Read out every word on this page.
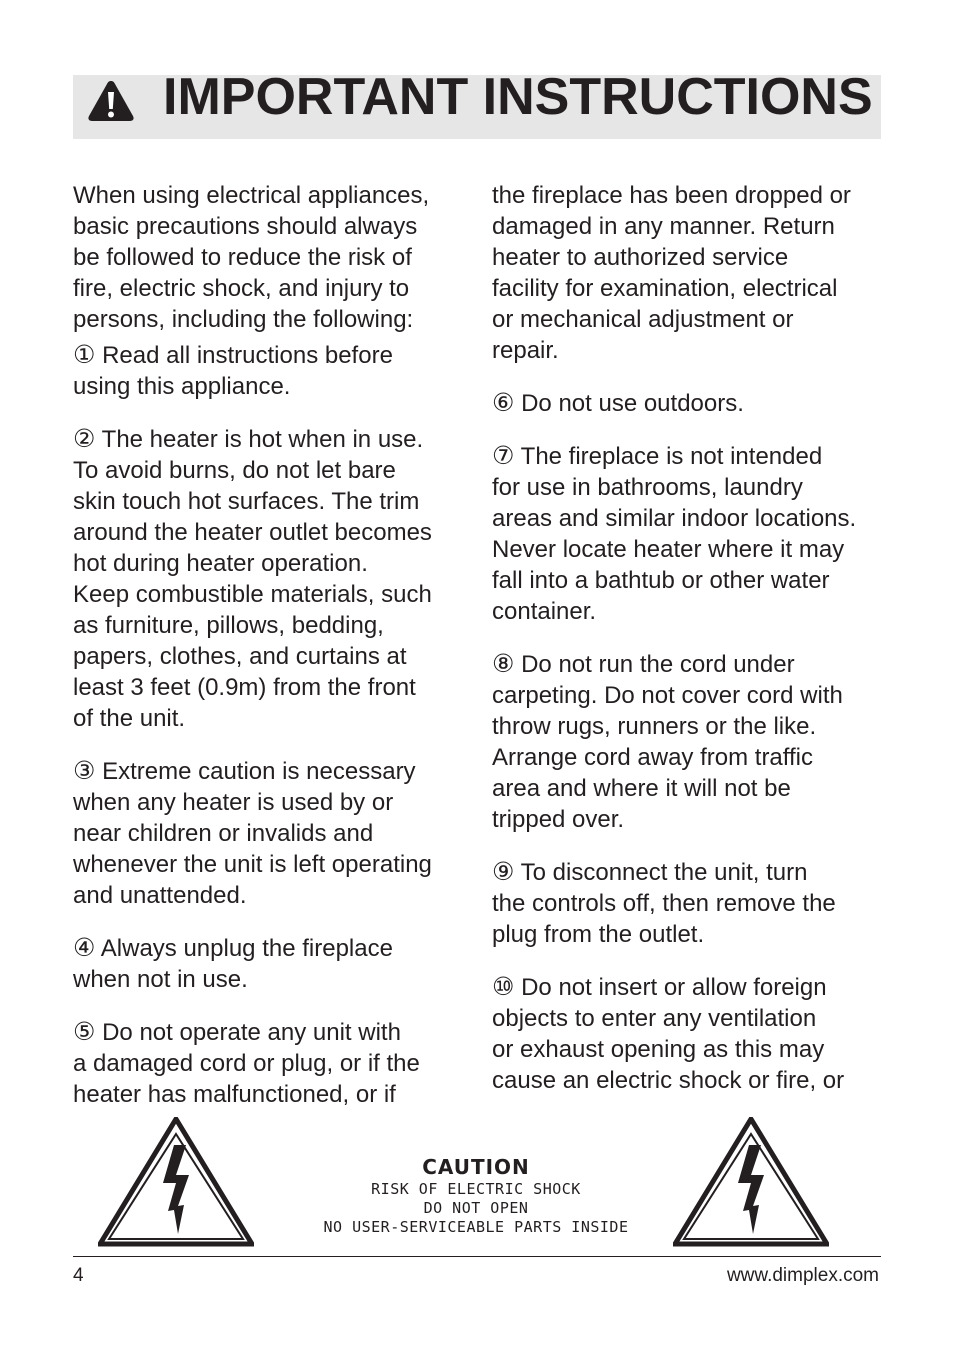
IMPORTANT INSTRUCTIONS

When using electrical appliances,
basic precautions should always
be followed to reduce the risk of
fire, electric shock, and injury to
persons, including the following:

① Read all instructions before
using this appliance.

② The heater is hot when in use.
To avoid burns, do not let bare
skin touch hot surfaces. The trim
around the heater outlet becomes
hot during heater operation.
Keep combustible materials, such
as furniture, pillows, bedding,
papers, clothes, and curtains at
least 3 feet (0.9m) from the front
of the unit.

③ Extreme caution is necessary
when any heater is used by or
near children or invalids and
whenever the unit is left operating
and unattended.

④ Always unplug the fireplace
when not in use.

⑤ Do not operate any unit with
a damaged cord or plug, or if the
heater has malfunctioned, or if

the fireplace has been dropped or
damaged in any manner. Return
heater to authorized service
facility for examination, electrical
or mechanical adjustment or
repair.

⑥ Do not use outdoors.

⑦ The fireplace is not intended
for use in bathrooms, laundry
areas and similar indoor locations.
Never locate heater where it may
fall into a bathtub or other water
container.

⑧ Do not run the cord under
carpeting. Do not cover cord with
throw rugs, runners or the like.
Arrange cord away from traffic
area and where it will not be
tripped over.

⑨ To disconnect the unit, turn
the controls off, then remove the
plug from the outlet.

⑩ Do not insert or allow foreign
objects to enter any ventilation
or exhaust opening as this may
cause an electric shock or fire, or

CAUTION
RISK OF ELECTRIC SHOCK
DO NOT OPEN
NO USER-SERVICEABLE PARTS INSIDE
4	www.dimplex.com
